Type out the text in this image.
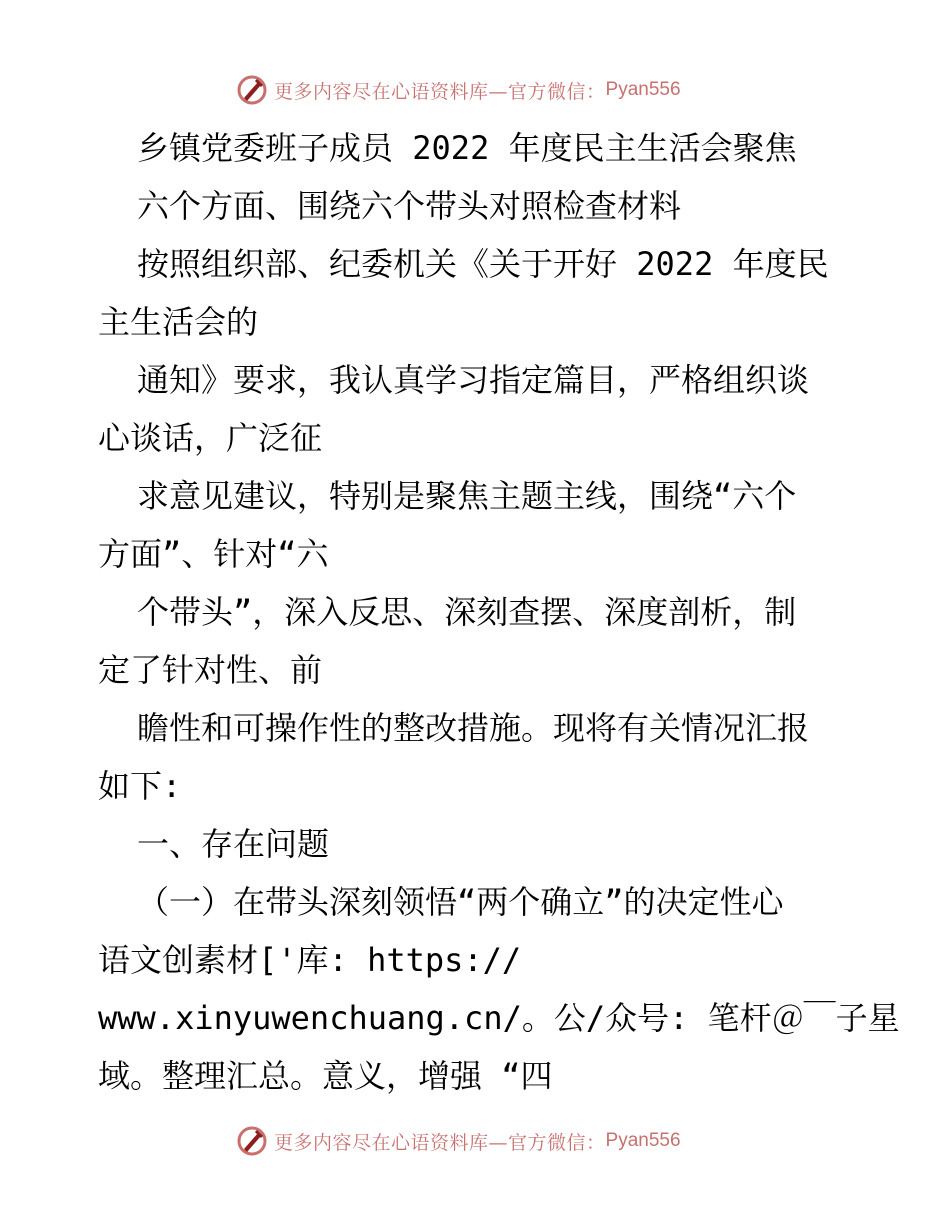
更多内容尽在心语资料库—官方微信： Pyan556

乡镇党委班子成员 2022 年度民主生活会聚焦

六个方面、围绕六个带头对照检查材料

按照组织部、纪委机关《关于开好 2022 年度民

主生活会的

通知》要求，我认真学习指定篇目，严格组织谈

心谈话，广泛征

求意见建议，特别是聚焦主题主线，围绕“六个

方面”、针对“六

个带头”，深入反思、深刻查摆、深度剖析，制

定了针对性、前

瞻性和可操作性的整改措施。现将有关情况汇报

如下:

一、存在问题

（一）在带头深刻领悟“两个确立”的决定性心

语文创素材['库: https://

www.xinyuwenchuang.cn/。公/众号: 笔杆＠￣子星

域。整理汇总。意义，增强 “四

更多内容尽在心语资料库—官方微信： Pyan556
